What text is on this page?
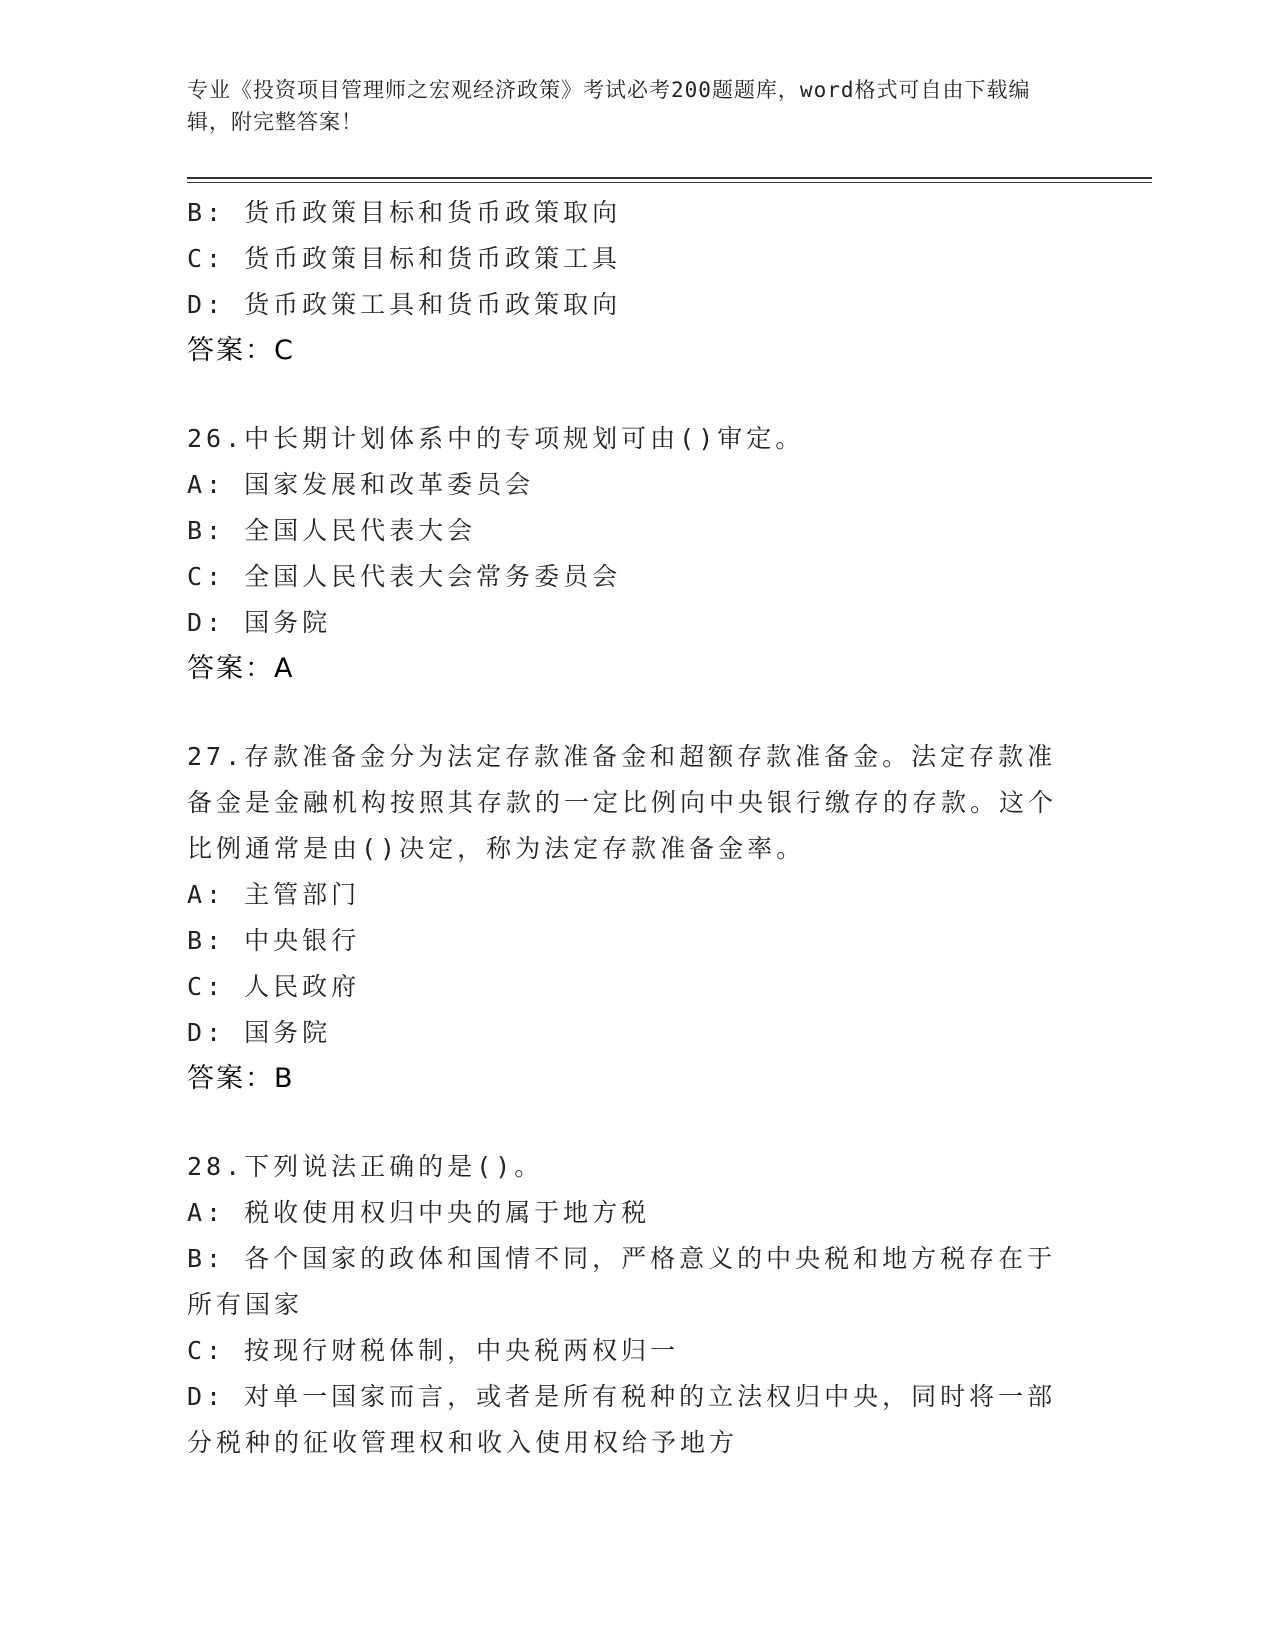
专业《投资项目管理师之宏观经济政策》考试必考200题题库，word格式可自由下载编辑，附完整答案！
B: 货币政策目标和货币政策取向
C: 货币政策目标和货币政策工具
D: 货币政策工具和货币政策取向
答案：C
26.中长期计划体系中的专项规划可由()审定。
A: 国家发展和改革委员会
B: 全国人民代表大会
C: 全国人民代表大会常务委员会
D: 国务院
答案：A
27.存款准备金分为法定存款准备金和超额存款准备金。法定存款准备金是金融机构按照其存款的一定比例向中央银行缴存的存款。这个比例通常是由()决定，称为法定存款准备金率。
A: 主管部门
B: 中央银行
C: 人民政府
D: 国务院
答案：B
28.下列说法正确的是()。
A: 税收使用权归中央的属于地方税
B: 各个国家的政体和国情不同，严格意义的中央税和地方税存在于所有国家
C: 按现行财税体制，中央税两权归一
D: 对单一国家而言，或者是所有税种的立法权归中央，同时将一部分税种的征收管理权和收入使用权给予地方
